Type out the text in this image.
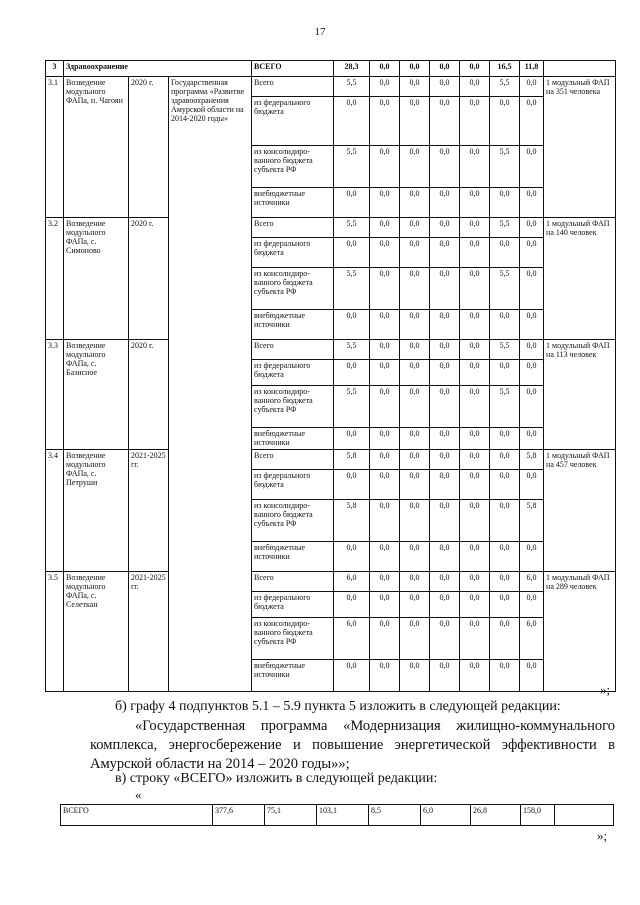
17
3	Здравоохранение			ВСЕГО	28,3	0,0	0,0	0,0	0,0	16,5	11,8	
3.1	Возведение модульного ФАПа, п. Чагоян	2020 г.	Государственная программа «Развитие здравоохранения Амурской области на 2014-2020 годы»	Всего	5,5	0,0	0,0	0,0	0,0	5,5	0,0	1 модульный ФАП на 351 человека
				из федерального бюджета	0,0	0,0	0,0	0,0	0,0	0,0	0,0	
				из консолидиро-ванного бюджета субъекта РФ	5,5	0,0	0,0	0,0	0,0	5,5	0,0	
				внебюджетные источники	0,0	0,0	0,0	0,0	0,0	0,0	0,0	
3.2	Возведение модульного ФАПа, с. Симоново	2020 г.		Всего	5,5	0,0	0,0	0,0	0,0	5,5	0,0	1 модульный ФАП на 140 человек
				из федерального бюджета	0,0	0,0	0,0	0,0	0,0	0,0	0,0	
				из консолидиро-ванного бюджета субъекта РФ	5,5	0,0	0,0	0,0	0,0	5,5	0,0	
				внебюджетные источники	0,0	0,0	0,0	0,0	0,0	0,0	0,0	
3.3	Возведение модульного ФАПа, с. Базисное	2020 г.		Всего	5,5	0,0	0,0	0,0	0,0	5,5	0,0	1 модульный ФАП на 113 человек
				из федерального бюджета	0,0	0,0	0,0	0,0	0,0	0,0	0,0	
				из консолидиро-ванного бюджета субъекта РФ	5,5	0,0	0,0	0,0	0,0	5,5	0,0	
				внебюджетные источники	0,0	0,0	0,0	0,0	0,0	0,0	0,0	
3.4	Возведение модульного ФАПа, с. Петруши	2021-2025 гг.		Всего	5,8	0,0	0,0	0,0	0,0	0,0	5,8	1 модульный ФАП на 457 человек
				из федерального бюджета	0,0	0,0	0,0	0,0	0,0	0,0	0,0	
				из консолидиро-ванного бюджета субъекта РФ	5,8	0,0	0,0	0,0	0,0	0,0	5,8	
				внебюджетные источники	0,0	0,0	0,0	0,0	0,0	0,0	0,0	
3.5	Возведение модульного ФАПа, с. Селеткан	2021-2025 гг.		Всего	6,0	0,0	0,0	0,0	0,0	0,0	6,0	1 модульный ФАП на 289 человек
				из федерального бюджета	0,0	0,0	0,0	0,0	0,0	0,0	0,0	
				из консолидиро-ванного бюджета субъекта РФ	6,0	0,0	0,0	0,0	0,0	0,0	6,0	
				внебюджетные источники	0,0	0,0	0,0	0,0	0,0	0,0	0,0	
»;
б) графу 4 подпунктов 5.1 – 5.9 пункта 5 изложить в следующей редакции:
«Государственная программа «Модернизация жилищно-коммунального комплекса, энергосбережение и повышение энергетической эффективности в Амурской области на 2014 – 2020 годы»»;
в) строку «ВСЕГО» изложить в следующей редакции:
«
ВСЕГО	377,6	75,1	103,1	8,5	6,0	26,8	158,0	
»;
